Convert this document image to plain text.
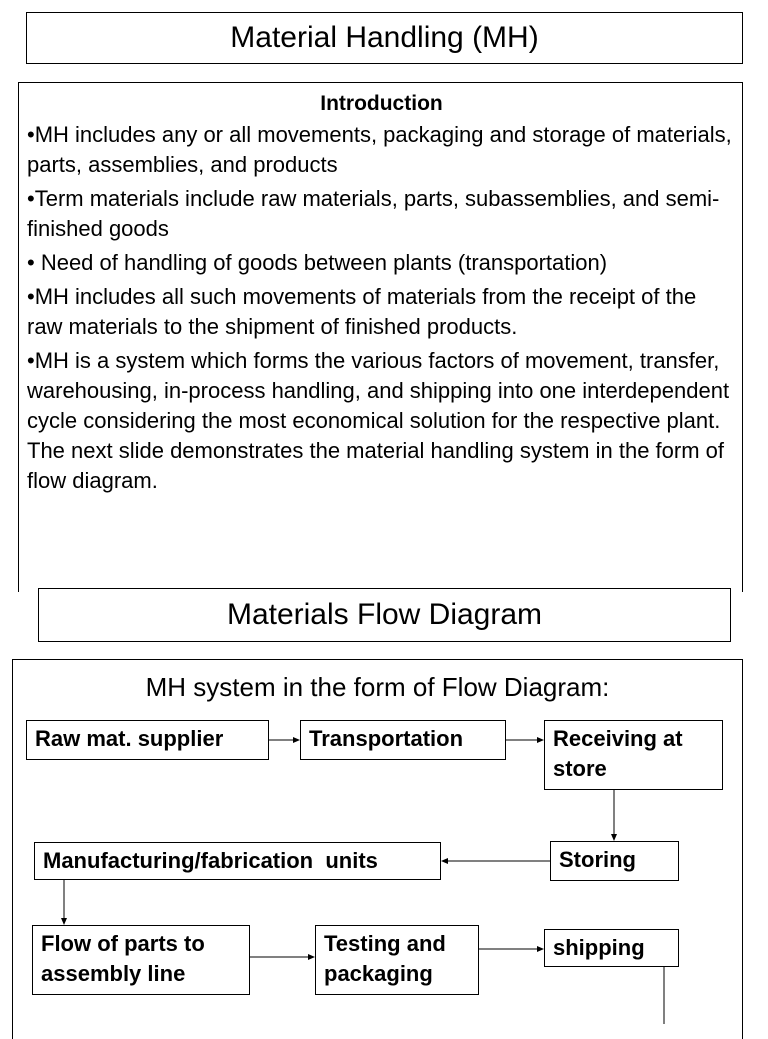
Material Handling (MH)
Introduction
•MH includes any or all movements, packaging and storage of materials, parts, assemblies, and products
•Term materials include raw materials, parts, subassemblies, and semi-finished goods
• Need of handling of goods between plants (transportation)
•MH includes all such movements of materials from the receipt of the raw materials to the shipment of finished products.
•MH is a system which forms the various factors of movement, transfer, warehousing, in-process handling, and shipping into one interdependent cycle considering the most economical solution for the respective plant. The next slide demonstrates the material handling system in the form of flow diagram.
Materials Flow Diagram
MH system in the form of Flow Diagram:
Raw mat. supplier	Transportation	Receiving at
store
Storing
Manufacturing/fabrication  units
Flow of parts to
assembly line
Testing and
packaging
shipping
